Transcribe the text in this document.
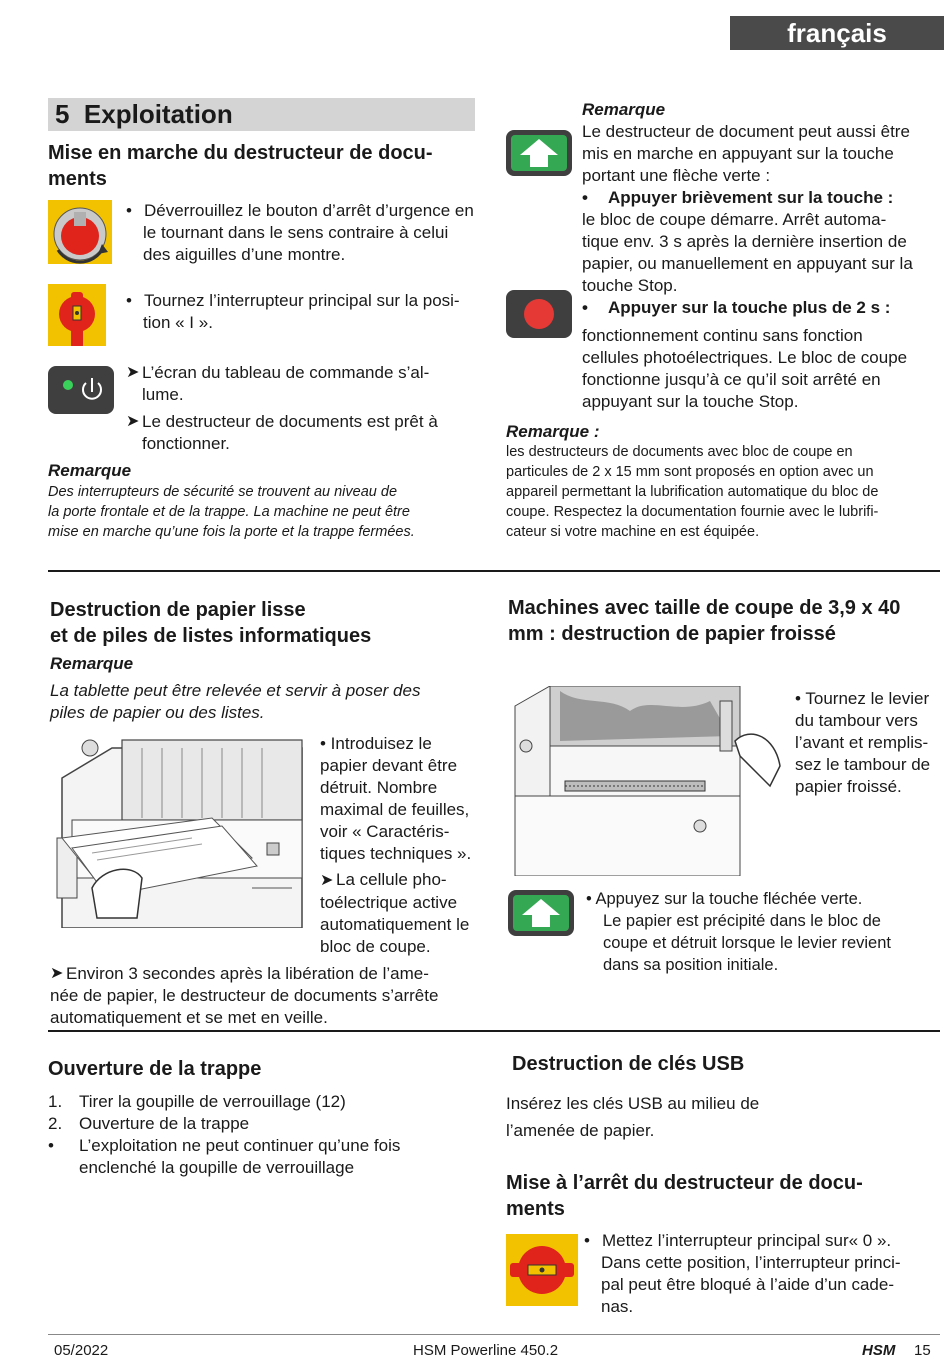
français
5 Exploitation
Mise en marche du destructeur de docu-
ments
• Déverrouillez le bouton d’arrêt d’urgence en
le tournant dans le sens contraire à celui
des aiguilles d’une montre.
• Tournez l’interrupteur principal sur la posi-
tion « I ».
➤ L’écran du tableau de commande s’al-
lume.
➤ Le destructeur de documents est prêt à
fonctionner.
Remarque
Des interrupteurs de sécurité se trouvent au niveau de
la porte frontale et de la trappe. La machine ne peut être
mise en marche qu’une fois la porte et la trappe fermées.
Remarque
Le destructeur de document peut aussi être
mis en marche en appuyant sur la touche
portant une flèche verte :
•	Appuyer brièvement sur la touche :
le bloc de coupe démarre. Arrêt automa-
tique env. 3 s après la dernière insertion de
papier, ou manuellement en appuyant sur la
touche Stop.
•	Appuyer sur la touche plus de 2 s :
fonctionnement continu sans fonction
cellules photoélectriques. Le bloc de coupe
fonctionne jusqu’à ce qu’il soit arrêté en
appuyant sur la touche Stop.
Remarque :
les destructeurs de documents avec bloc de coupe en
particules de 2 x 15 mm sont proposés en option avec un
appareil permettant la lubrification automatique du bloc de
coupe. Respectez la documentation fournie avec le lubrifi-
cateur si votre machine en est équipée.
Destruction de papier lisse
et de piles de listes informatiques
Remarque
La tablette peut être relevée et servir à poser des
piles de papier ou des listes.
• Introduisez le
papier devant être
détruit. Nombre
maximal de feuilles,
voir « Caractéris-
tiques techniques ».
➤ La cellule pho-
toélectrique active
automatiquement le
bloc de coupe.
➤ Environ 3 secondes après la libération de l’ame-
née de papier, le destructeur de documents s’arrête
automatiquement et se met en veille.
Machines avec taille de coupe de 3,9 x 40
mm : destruction de papier froissé
• Tournez le levier
du tambour vers
l’avant et remplis-
sez le tambour de
papier froissé.
• Appuyez sur la touche fléchée verte.
Le papier est précipité dans le bloc de
coupe et détruit lorsque le levier revient
dans sa position initiale.
Ouverture de la trappe
1. Tirer la goupille de verrouillage (12)
2. Ouverture de la trappe
•	L’exploitation ne peut continuer qu’une fois
enclenché la goupille de verrouillage
Destruction de clés USB
Insérez les clés USB au milieu de
l’amenée de papier.
Mise à l’arrêt du destructeur de docu-
ments
• Mettez l’interrupteur principal sur« 0 ».
Dans cette position, l’interrupteur princi-
pal peut être bloqué à l’aide d’un cade-
nas.
05/2022	HSM Powerline 450.2	HSM 15
